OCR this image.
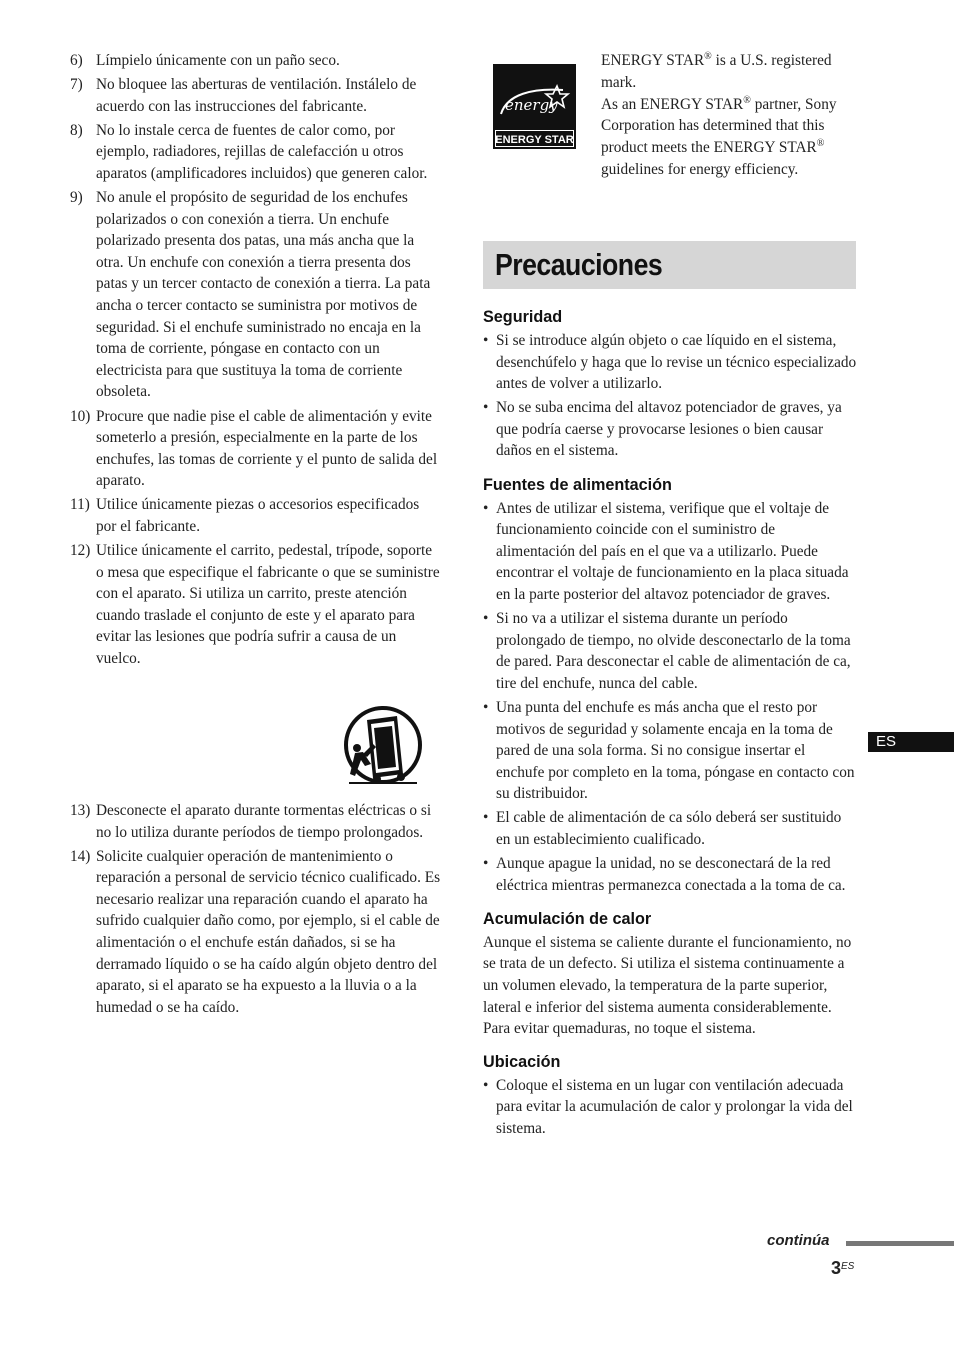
6) Límpielo únicamente con un paño seco.
7) No bloquee las aberturas de ventilación. Instálelo de acuerdo con las instrucciones del fabricante.
8) No lo instale cerca de fuentes de calor como, por ejemplo, radiadores, rejillas de calefacción u otros aparatos (amplificadores incluidos) que generen calor.
9) No anule el propósito de seguridad de los enchufes polarizados o con conexión a tierra. Un enchufe polarizado presenta dos patas, una más ancha que la otra. Un enchufe con conexión a tierra presenta dos patas y un tercer contacto de conexión a tierra. La pata ancha o tercer contacto se suministra por motivos de seguridad. Si el enchufe suministrado no encaja en la toma de corriente, póngase en contacto con un electricista para que sustituya la toma de corriente obsoleta.
10) Procure que nadie pise el cable de alimentación y evite someterlo a presión, especialmente en la parte de los enchufes, las tomas de corriente y el punto de salida del aparato.
11) Utilice únicamente piezas o accesorios especificados por el fabricante.
12) Utilice únicamente el carrito, pedestal, trípode, soporte o mesa que especifique el fabricante o que se suministre con el aparato. Si utiliza un carrito, preste atención cuando traslade el conjunto de este y el aparato para evitar las lesiones que podría sufrir a causa de un vuelco.
13) Desconecte el aparato durante tormentas eléctricas o si no lo utiliza durante períodos de tiempo prolongados.
14) Solicite cualquier operación de mantenimiento o reparación a personal de servicio técnico cualificado. Es necesario realizar una reparación cuando el aparato ha sufrido cualquier daño como, por ejemplo, si el cable de alimentación o el enchufe están dañados, si se ha derramado líquido o se ha caído algún objeto dentro del aparato, si el aparato se ha expuesto a la lluvia o a la humedad o se ha caído.
energy
ENERGY STAR

ENERGY STAR® is a U.S. registered mark.

As an ENERGY STAR® partner, Sony Corporation has determined that this product meets the ENERGY STAR® guidelines for energy efficiency.

Precauciones
Seguridad
• Si se introduce algún objeto o cae líquido en el sistema, desenchúfelo y haga que lo revise un técnico especializado antes de volver a utilizarlo.
• No se suba encima del altavoz potenciador de graves, ya que podría caerse y provocarse lesiones o bien causar daños en el sistema.
Fuentes de alimentación
• Antes de utilizar el sistema, verifique que el voltaje de funcionamiento coincide con el suministro de alimentación del país en el que va a utilizarlo. Puede encontrar el voltaje de funcionamiento en la placa situada en la parte posterior del altavoz potenciador de graves.
• Si no va a utilizar el sistema durante un período prolongado de tiempo, no olvide desconectarlo de la toma de pared. Para desconectar el cable de alimentación de ca, tire del enchufe, nunca del cable.
• Una punta del enchufe es más ancha que el resto por motivos de seguridad y solamente encaja en la toma de pared de una sola forma. Si no consigue insertar el enchufe por completo en la toma, póngase en contacto con su distribuidor.
• El cable de alimentación de ca sólo deberá ser sustituido en un establecimiento cualificado.
• Aunque apague la unidad, no se desconectará de la red eléctrica mientras permanezca conectada a la toma de ca.
Acumulación de calor

Aunque el sistema se caliente durante el funcionamiento, no se trata de un defecto. Si utiliza el sistema continuamente a un volumen elevado, la temperatura de la parte superior, lateral e inferior del sistema aumenta considerablemente. Para evitar quemaduras, no toque el sistema.

Ubicación
• Coloque el sistema en un lugar con ventilación adecuada para evitar la acumulación de calor y prolongar la vida del sistema.
ES
continúa
$3^{ES}$
